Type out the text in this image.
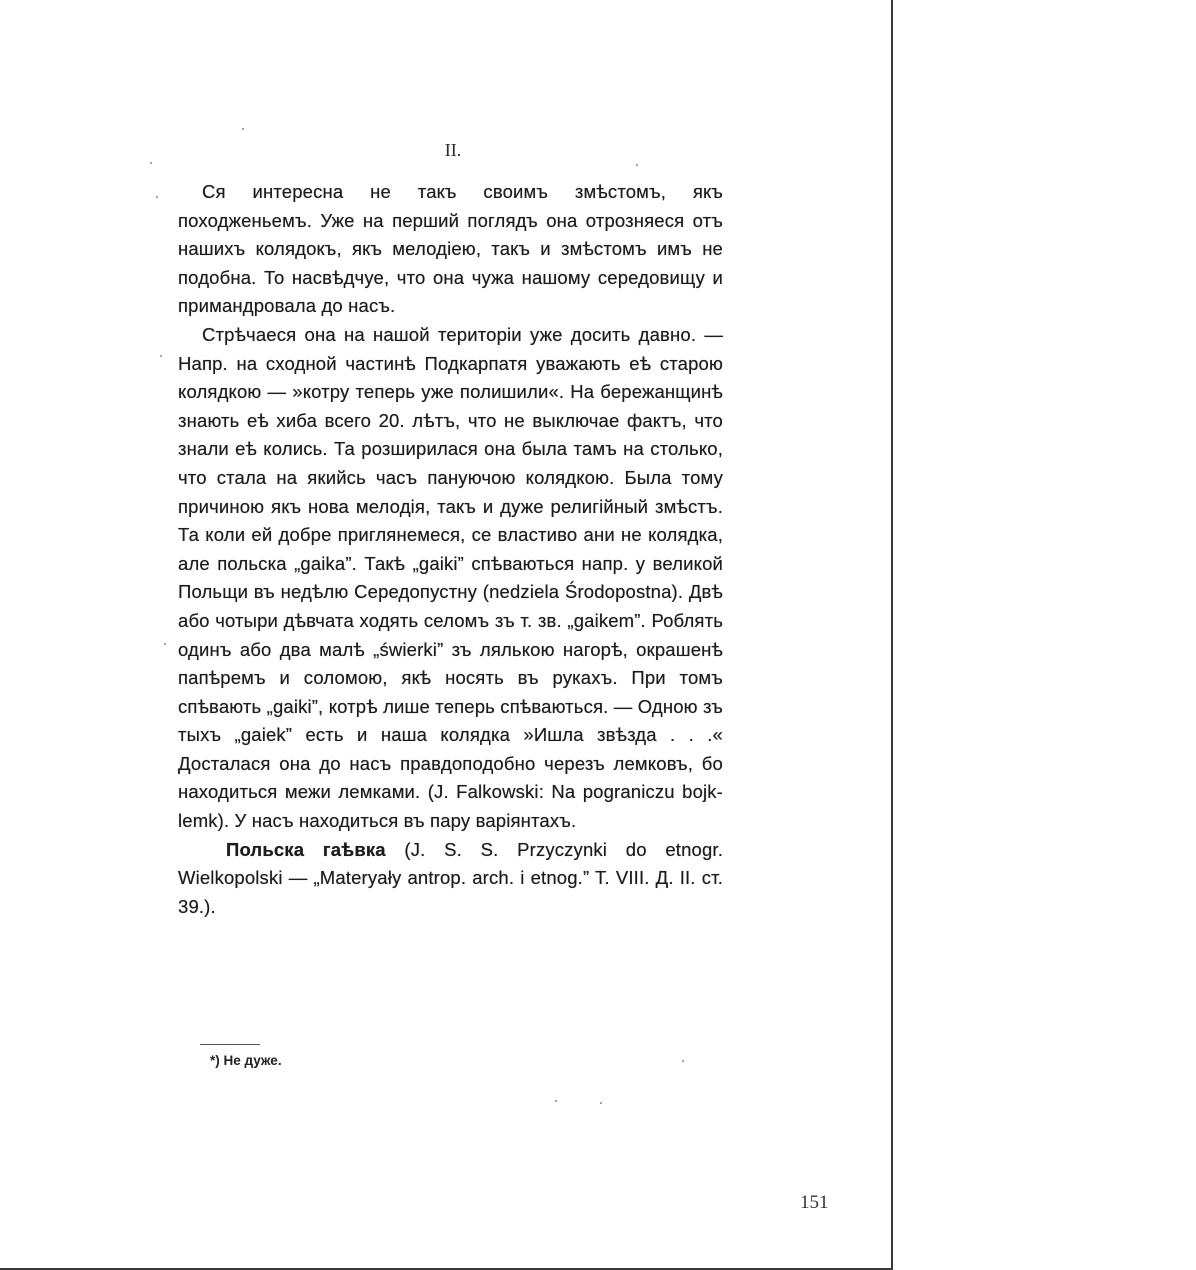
II.

Ся интересна не такъ своимъ змѣстомъ, якъ походженьемъ. Уже на перший поглядъ она отрозняеся отъ нашихъ колядокъ, якъ мелодіею, такъ и змѣстомъ имъ не подобна. То насвѣдчуе, что она чужа нашому середовищу и примандровала до насъ.

Стрѣчаеся она на нашой територіи уже досить давно. — Напр. на сходной частинѣ Подкарпатя уважають еѣ старою колядкою — »котру теперь уже полишили«. На бережанщинѣ знають еѣ хиба всего 20. лѣтъ, что не выключае фактъ, что знали еѣ колись. Та розширилася она была тамъ на столько, что стала на якийсь часъ пануючою колядкою. Была тому причиною якъ нова мелодія, такъ и дуже религійный змѣстъ. Та коли ей добре приглянемеся, се властиво ани не колядка, але польска „gaika”. Такѣ „gaiki” спѣваються напр. у великой Польщи въ недѣлю Середопустну (nedziela Środopostna). Двѣ або чотыри дѣвчата ходять селомъ зъ т. зв. „gaikem”. Роблять одинъ або два малѣ „świerki” зъ лялькою нагорѣ, окрашенѣ папѣремъ и соломою, якѣ носять въ рукахъ. При томъ спѣвають „gaiki”, котрѣ лише теперь спѣваються. — Одною зъ тыхъ „gaiek” есть и наша колядка »Ишла звѣзда . . .« Досталася она до насъ правдоподобно черезъ лемковъ, бо находиться межи лемками. (J. Falkowski: Na pograniczu bojk-lemk). У насъ находиться въ пару варіянтахъ.

Польска гаѣвка (J. S. S. Przyczynki do etnogr. Wielkopolski — „Materyały antrop. arch. i etnog.” T. VIII. Д. II. ст. 39.).

*) Не дуже.
151
